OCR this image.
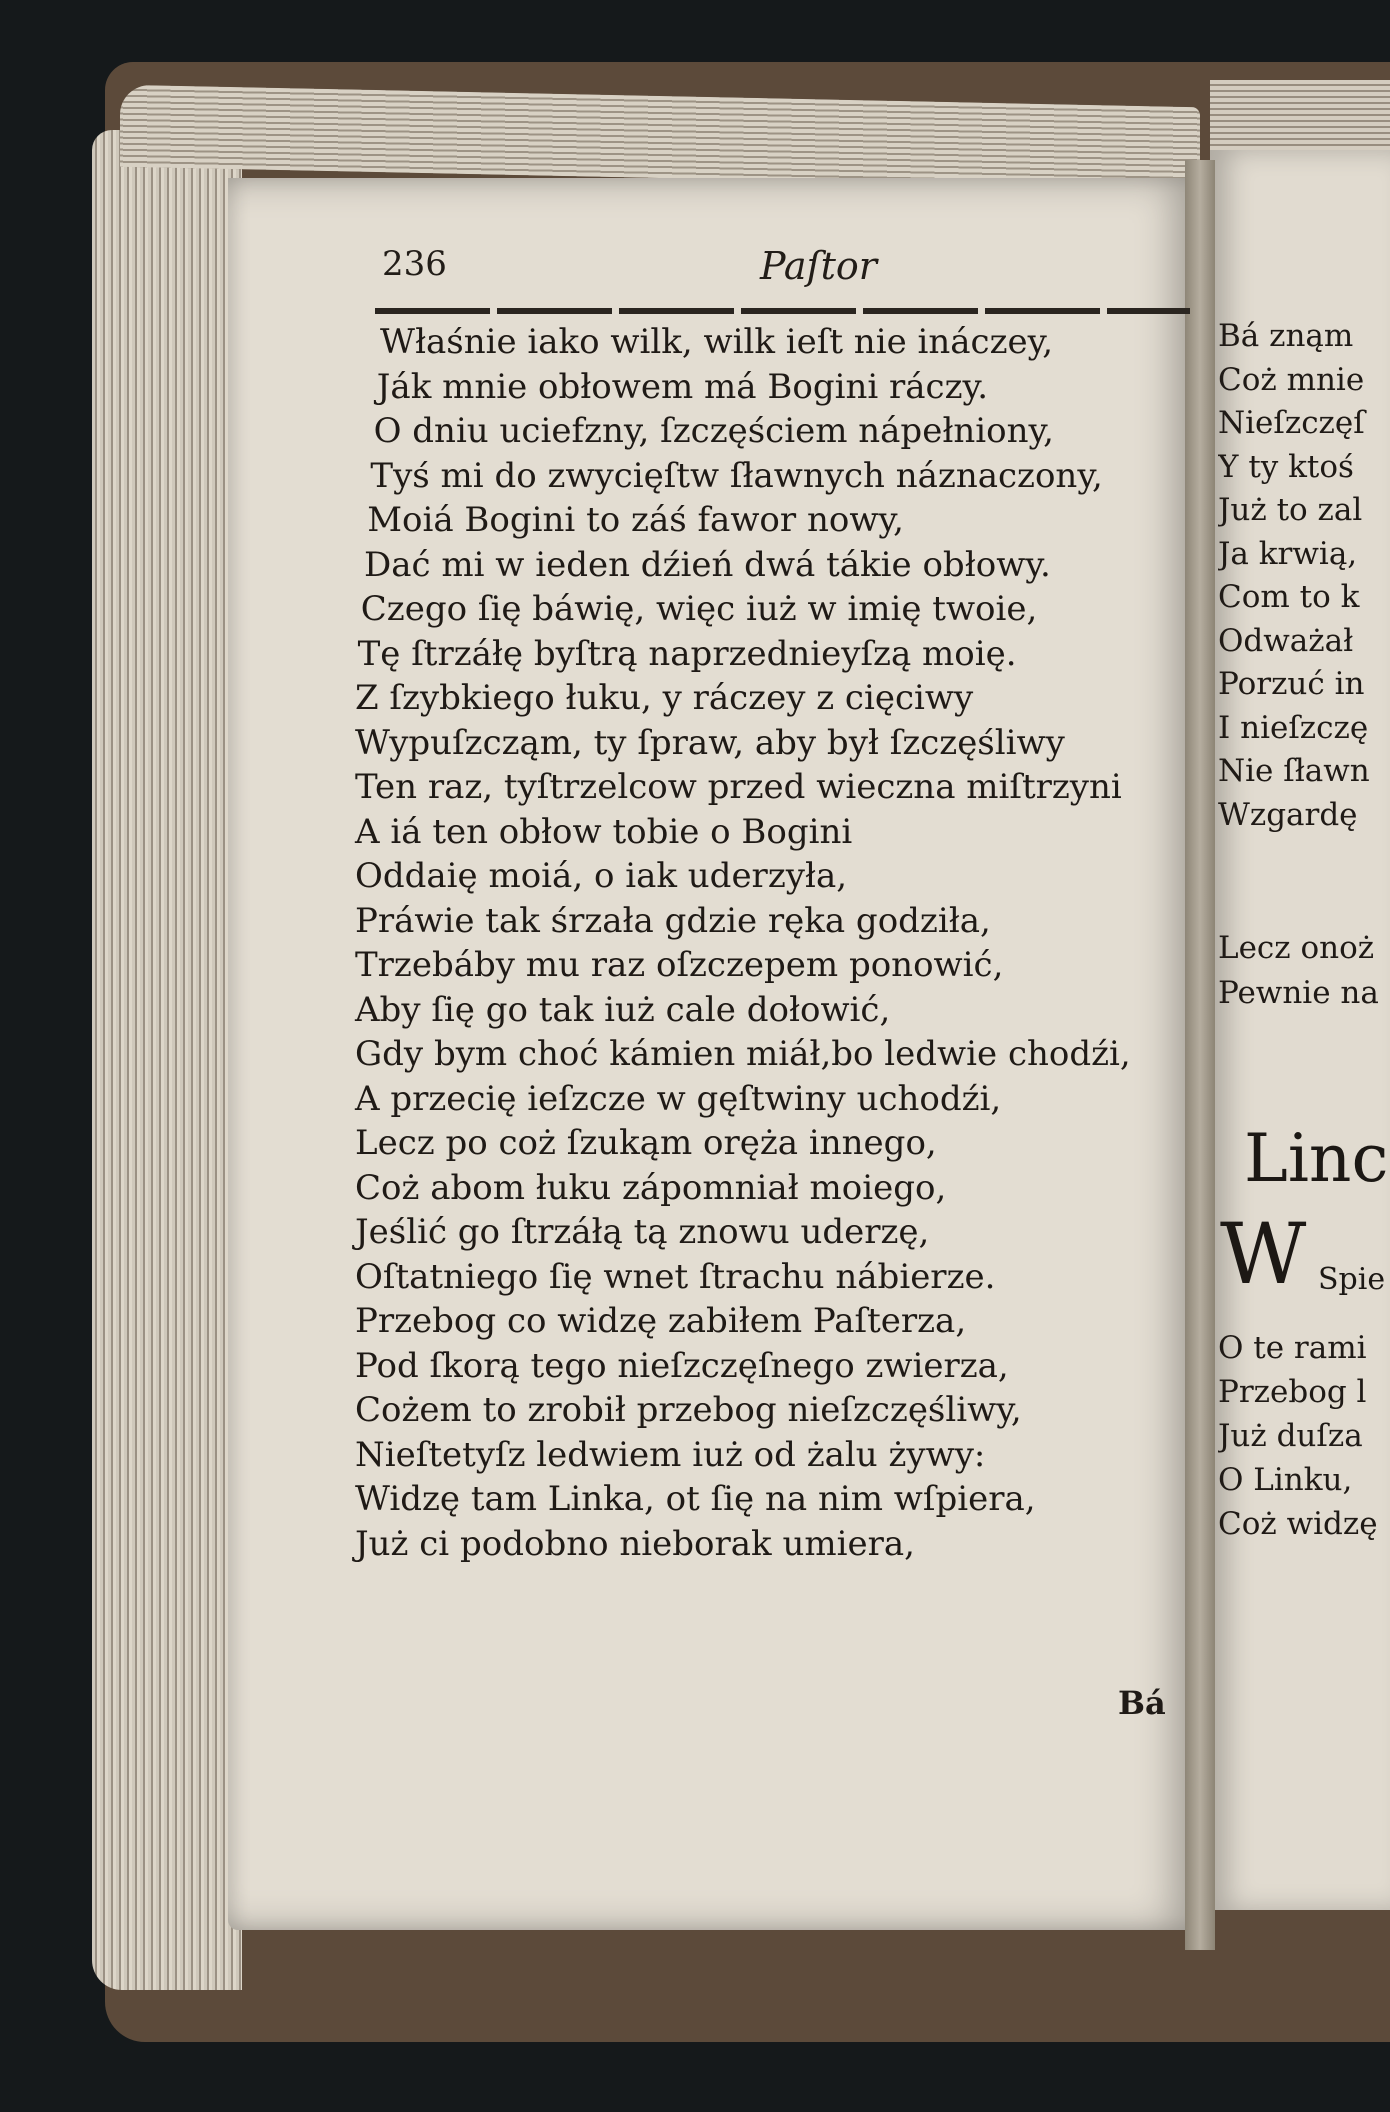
236	Paſtor
Właśnie iako wilk, wilk ieſt nie ináczey,
Ják mnie obłowem má Bogini ráczy.
O dniu uciefzny, ſzczęściem nápełniony,
Tyś mi do zwycięſtw ſławnych náznaczony,
Moiá Bogini to záś fawor nowy,
Dać mi w ieden dźień dwá tákie obłowy.
Czego ſię báwię, więc iuż w imię twoie,
Tę ſtrzáłę byſtrą naprzednieyſzą moię.
Z ſzybkiego łuku, y ráczey z cięciwy
Wypuſzcząm, ty ſpraw, aby był ſzczęśliwy
Ten raz, tyſtrzelcow przed wieczna miſtrzyni
A iá ten obłow tobie o Bogini
Oddaię moiá, o iak uderzyła,
Práwie tak śrzała gdzie ręka godziła,
Trzebáby mu raz oſzczepem ponowić,
Aby ſię go tak iuż cale dołowić,
Gdy bym choć kámien miáł,bo ledwie chodźi,
A przecię ieſzcze w gęſtwiny uchodźi,
Lecz po coż ſzukąm oręża innego,
Coż abom łuku zápomniał moiego,
Jeślić go ſtrzáłą tą znowu uderzę,
Oſtatniego ſię wnet ſtrachu nábierze.
Przebog co widzę zabiłem Paſterza,
Pod ſkorą tego nieſzczęſnego zwierza,
Cożem to zrobił przebog nieſzczęśliwy,
Nieſtetyſz ledwiem iuż od żalu żywy:
Widzę tam Linka, ot ſię na nim wſpiera,
Już ci podobno nieborak umiera,
Bá
Bá znąm
Coż mnie
Nieſzczęſ
Y ty ktoś
Już to zal
Ja krwią,
Com to k
Odważał
Porzuć in
I nieſzczę
Nie ſławn
Wzgardę
Lecz onoż
Pewnie na
Linc
W Spie
O te rami
Przebog l
Już duſza
O Linku,
Coż widzę
